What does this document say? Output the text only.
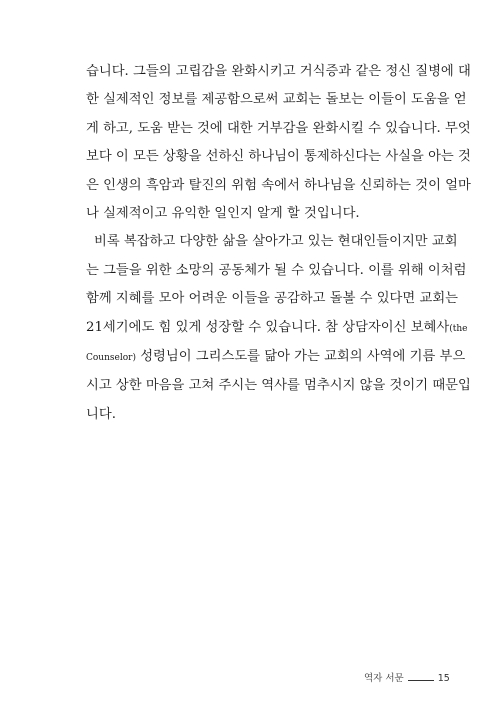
습니다. 그들의 고립감을 완화시키고 거식증과 같은 정신 질병에 대
한 실제적인 정보를 제공함으로써 교회는 돌보는 이들이 도움을 얻
게 하고, 도움 받는 것에 대한 거부감을 완화시킬 수 있습니다. 무엇
보다 이 모든 상황을 선하신 하나님이 통제하신다는 사실을 아는 것
은 인생의 흑암과 탈진의 위험 속에서 하나님을 신뢰하는 것이 얼마
나 실제적이고 유익한 일인지 알게 할 것입니다.
비록 복잡하고 다양한 삶을 살아가고 있는 현대인들이지만 교회
는 그들을 위한 소망의 공동체가 될 수 있습니다. 이를 위해 이처럼
함께 지혜를 모아 어려운 이들을 공감하고 돌볼 수 있다면 교회는
21세기에도 힘 있게 성장할 수 있습니다. 참 상담자이신 보혜사(the
Counselor) 성령님이 그리스도를 닮아 가는 교회의 사역에 기름 부으
시고 상한 마음을 고쳐 주시는 역사를 멈추시지 않을 것이기 때문입
니다.
역자 서문	15
